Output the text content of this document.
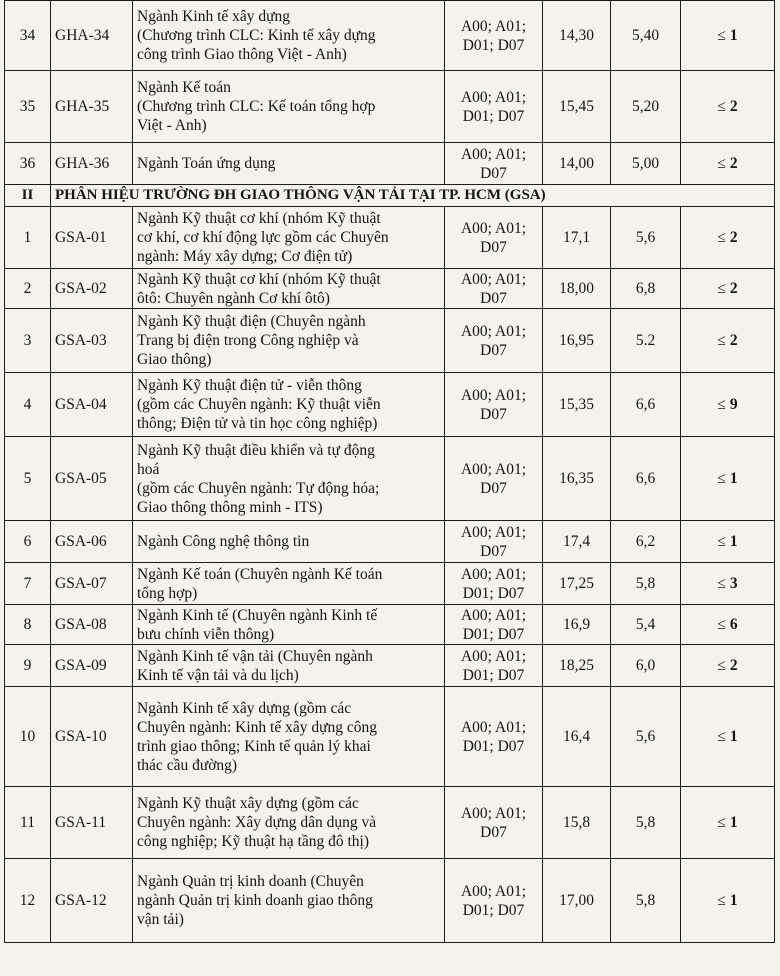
34	GHA-34	Ngành Kinh tế xây dựng
(Chương trình CLC: Kinh tế xây dựng
công trình Giao thông Việt - Anh)	A00; A01;
D01; D07	14,30	5,40	≤ 1
35	GHA-35	Ngành Kế toán
(Chương trình CLC: Kế toán tổng hợp
Việt - Anh)	A00; A01;
D01; D07	15,45	5,20	≤ 2
36	GHA-36	Ngành Toán ứng dụng	A00; A01;
D07	14,00	5,00	≤ 2
II	PHÂN HIỆU TRƯỜNG ĐH GIAO THÔNG VẬN TẢI TẠI TP. HCM (GSA)					
1	GSA-01	Ngành Kỹ thuật cơ khí (nhóm Kỹ thuật
cơ khí, cơ khí động lực gồm các Chuyên
ngành: Máy xây dựng; Cơ điện tử)	A00; A01;
D07	17,1	5,6	≤ 2
2	GSA-02	Ngành Kỹ thuật cơ khí (nhóm Kỹ thuật
ôtô: Chuyên ngành Cơ khí ôtô)	A00; A01;
D07	18,00	6,8	≤ 2
3	GSA-03	Ngành Kỹ thuật điện (Chuyên ngành
Trang bị điện trong Công nghiệp và
Giao thông)	A00; A01;
D07	16,95	5.2	≤ 2
4	GSA-04	Ngành Kỹ thuật điện tử - viễn thông
(gồm các Chuyên ngành: Kỹ thuật viễn
thông; Điện tử và tin học công nghiệp)	A00; A01;
D07	15,35	6,6	≤ 9
5	GSA-05	Ngành Kỹ thuật điều khiển và tự động
hoá
(gồm các Chuyên ngành: Tự động hóa;
Giao thông thông minh - ITS)	A00; A01;
D07	16,35	6,6	≤ 1
6	GSA-06	Ngành Công nghệ thông tin	A00; A01;
D07	17,4	6,2	≤ 1
7	GSA-07	Ngành Kế toán (Chuyên ngành Kế toán
tổng hợp)	A00; A01;
D01; D07	17,25	5,8	≤ 3
8	GSA-08	Ngành Kinh tế (Chuyên ngành Kinh tế
bưu chính viễn thông)	A00; A01;
D01; D07	16,9	5,4	≤ 6
9	GSA-09	Ngành Kinh tế vận tải (Chuyên ngành
Kinh tế vận tải và du lịch)	A00; A01;
D01; D07	18,25	6,0	≤ 2
10	GSA-10	Ngành Kinh tế xây dựng (gồm các
Chuyên ngành: Kinh tế xây dựng công
trình giao thông; Kinh tế quản lý khai
thác cầu đường)	A00; A01;
D01; D07	16,4	5,6	≤ 1
11	GSA-11	Ngành Kỹ thuật xây dựng (gồm các
Chuyên ngành: Xây dựng dân dụng và
công nghiệp; Kỹ thuật hạ tầng đô thị)	A00; A01;
D07	15,8	5,8	≤ 1
12	GSA-12	Ngành Quản trị kinh doanh (Chuyên
ngành Quản trị kinh doanh giao thông
vận tải)	A00; A01;
D01; D07	17,00	5,8	≤ 1
